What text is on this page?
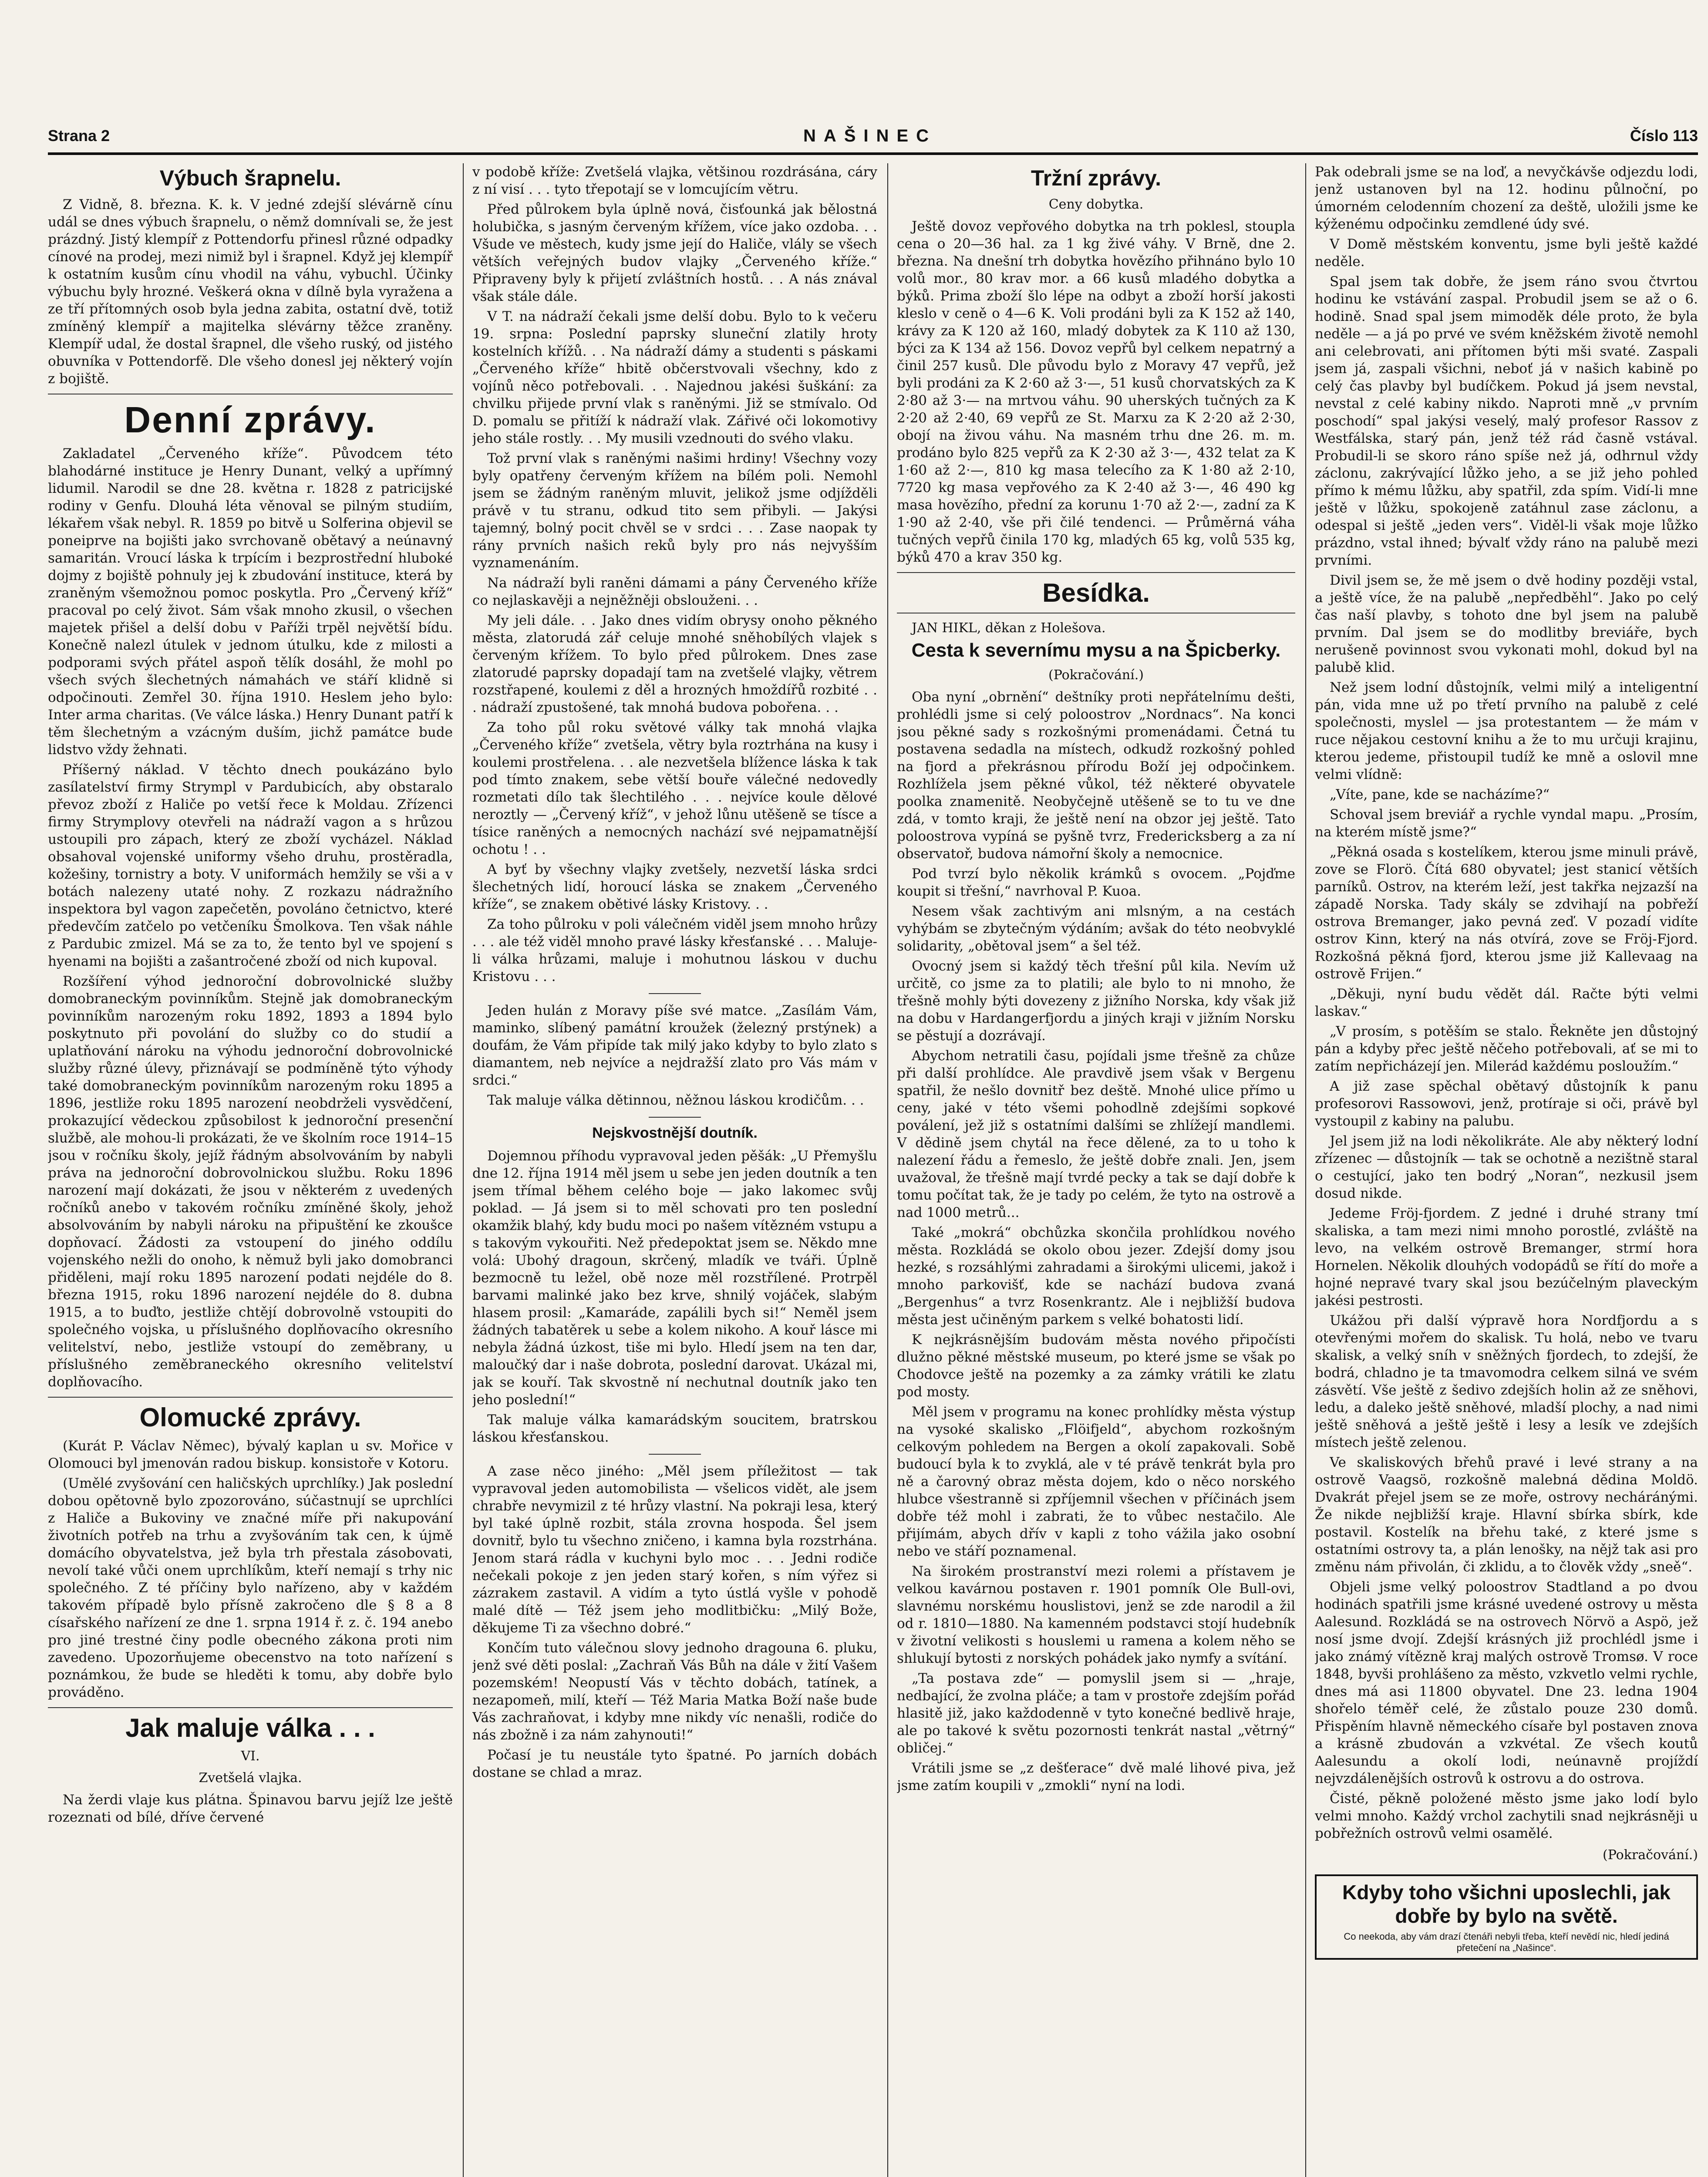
Strana 2	NAŠINEC	Číslo 113
Výbuch šrapnelu.

Z Vidně, 8. března. K. k. V jedné zdejší slévárně cínu udál se dnes výbuch šrapnelu, o němž domnívali se, že jest prázdný. Jistý klempíř z Pottendorfu přinesl různé odpadky cínové na prodej, mezi nimiž byl i šrapnel. Když jej klempíř k ostatním kusům cínu vhodil na váhu, vybuchl. Účinky výbuchu byly hrozné. Veškerá okna v dílně byla vyražena a ze tří přítomných osob byla jedna zabita, ostatní dvě, totiž zmíněný klempíř a majitelka slévárny těžce zraněny. Klempíř udal, že dostal šrapnel, dle všeho ruský, od jistého obuvníka v Pottendorfě. Dle všeho donesl jej některý vojín z bojiště.

Denní zprávy.

Zakladatel „Červeného kříže“. Původcem této blahodárné instituce je Henry Dunant, velký a upřímný lidumil. Narodil se dne 28. května r. 1828 z patricijské rodiny v Genfu. Dlouhá léta věnoval se pilným studiím, lékařem však nebyl. R. 1859 po bitvě u Solferina objevil se poneiprve na bojišti jako svrchovaně obětavý a neúnavný samaritán. Vroucí láska k trpícím i bezprostřední hluboké dojmy z bojiště pohnuly jej k zbudování instituce, která by zraněným všemožnou pomoc poskytla. Pro „Červený kříž“ pracoval po celý život. Sám však mnoho zkusil, o všechen majetek přišel a delší dobu v Paříži trpěl největší bídu. Konečně nalezl útulek v jednom útulku, kde z milosti a podporami svých přátel aspoň tělík dosáhl, že mohl po všech svých šlechetných námahách ve stáří klidně si odpočinouti. Zemřel 30. října 1910. Heslem jeho bylo: Inter arma charitas. (Ve válce láska.) Henry Dunant patří k těm šlechetným a vzácným duším, jichž památce bude lidstvo vždy žehnati.

Příšerný náklad. V těchto dnech poukázáno bylo zasílatelství firmy Strympl v Pardubicích, aby obstaralo převoz zboží z Haliče po vetší řece k Moldau. Zřízenci firmy Strymplovy otevřeli na nádraží vagon a s hrůzou ustoupili pro zápach, který ze zboží vycházel. Náklad obsahoval vojenské uniformy všeho druhu, prostěradla, kožešiny, tornistry a boty. V uniformách hemžily se vši a v botách nalezeny utaté nohy. Z rozkazu nádražního inspektora byl vagon zapečetěn, povoláno četnictvo, které předevčím zatčelo po vetčeníku Šmolkova. Ten však náhle z Pardubic zmizel. Má se za to, že tento byl ve spojení s hyenami na bojišti a zašantročené zboží od nich kupoval.

Rozšíření výhod jednoroční dobrovolnické služby domobraneckým povinníkům. Stejně jak domobraneckým povinníkům narozeným roku 1892, 1893 a 1894 bylo poskytnuto při povolání do služby co do studií a uplatňování nároku na výhodu jednoroční dobrovolnické služby různé úlevy, přiznávají se podmíněně týto výhody také domobraneckým povinníkům narozeným roku 1895 a 1896, jestliže roku 1895 narození neobdrželi vysvědčení, prokazující vědeckou způsobilost k jednoroční presenční službě, ale mohou-li prokázati, že ve školním roce 1914–15 jsou v ročníku školy, jejíž řádným absolvováním by nabyli práva na jednoroční dobrovolnickou službu. Roku 1896 narození mají dokázati, že jsou v některém z uvedených ročníků anebo v takovém ročníku zmíněné školy, jehož absolvováním by nabyli nároku na připuštění ke zkoušce dopňovací. Žádosti za vstoupení do jiného oddílu vojenského nežli do onoho, k němuž byli jako domobranci přiděleni, mají roku 1895 narození podati nejdéle do 8. března 1915, roku 1896 narození nejdéle do 8. dubna 1915, a to buďto, jestliže chtějí dobrovolně vstoupiti do společného vojska, u příslušného doplňovacího okresního velitelství, nebo, jestliže vstoupí do zeměbrany, u příslušného zeměbraneckého okresního velitelství doplňovacího.

Olomucké zprávy.

(Kurát P. Václav Němec), bývalý kaplan u sv. Mořice v Olomouci byl jmenován radou biskup. konsistoře v Kotoru.

(Umělé zvyšování cen haličských uprchlíky.) Jak poslední dobou opětovně bylo zpozorováno, súčastnují se uprchlíci z Haliče a Bukoviny ve značné míře při nakupování životních potřeb na trhu a zvyšováním tak cen, k újmě domácího obyvatelstva, jež byla trh přestala zásobovati, nevolí také vůči onem uprchlíkům, kteří nemají s trhy nic společného. Z té příčiny bylo nařízeno, aby v každém takovém případě bylo přísně zakročeno dle § 8 a 8 císařského nařízení ze dne 1. srpna 1914 ř. z. č. 194 anebo pro jiné trestné činy podle obecného zákona proti nim zavedeno. Upozorňujeme obecenstvo na toto nařízení s poznámkou, že bude se hleděti k tomu, aby dobře bylo prováděno.

Jak maluje válka . . .
VI.
Zvetšelá vlajka.

Na žerdi vlaje kus plátna. Špinavou barvu jejíž lze ještě rozeznati od bílé, dříve červené

v podobě kříže: Zvetšelá vlajka, většinou rozdrásána, cáry z ní visí . . . tyto třepotají se v lomcujícím větru.

Před půlrokem byla úplně nová, čisťounká jak bělostná holubička, s jasným červeným křížem, více jako ozdoba. . . Všude ve městech, kudy jsme její do Haliče, vlály se všech větších veřejných budov vlajky „Červeného kříže.“ Připraveny byly k přijetí zvláštních hostů. . . A nás znával však stále dále.

V T. na nádraží čekali jsme delší dobu. Bylo to k večeru 19. srpna: Poslední paprsky sluneční zlatily hroty kostelních křížů. . . Na nádraží dámy a studenti s páskami „Červeného kříže“ hbitě občerstvovali všechny, kdo z vojínů něco potřebovali. . . Najednou jakési šuškání: za chvilku přijede první vlak s raněnými. Již se stmívalo. Od D. pomalu se přitíží k nádraží vlak. Zářivé oči lokomotivy jeho stále rostly. . . My musili vzednouti do svého vlaku.

Tož první vlak s raněnými našimi hrdiny! Všechny vozy byly opatřeny červeným křížem na bílém poli. Nemohl jsem se žádným raněným mluvit, jelikož jsme odjížděli právě v tu stranu, odkud tito sem přibyli. — Jakýsi tajemný, bolný pocit chvěl se v srdci . . . Zase naopak ty rány prvních našich reků byly pro nás nejvyšším vyznamenáním.

Na nádraží byli raněni dámami a pány Červeného kříže co nejlaskavěji a nejněžněji obslouženi. . .

My jeli dále. . . Jako dnes vidím obrysy onoho pěkného města, zlatorudá zář celuje mnohé sněhobílých vlajek s červeným křížem. To bylo před půlrokem. Dnes zase zlatorudé paprsky dopadají tam na zvetšelé vlajky, větrem rozstřapené, koulemi z děl a hrozných hmoždířů rozbité . . . nádraží zpustošené, tak mnohá budova pobořena. . .

Za toho půl roku světové války tak mnohá vlajka „Červeného kříže“ zvetšela, větry byla roztrhána na kusy i koulemi prostřelena. . . ale nezvetšela blížence láska k tak pod tímto znakem, sebe větší bouře válečné nedovedly rozmetati dílo tak šlechtilého . . . nejvíce koule dělové neroztly — „Červený kříž“, v jehož lůnu utěšeně se tísce a tísice raněných a nemocných nachází své nejpamatnější ochotu ! . .

A byť by všechny vlajky zvetšely, nezvetší láska srdci šlechetných lidí, horoucí láska se znakem „Červeného kříže“, se znakem obětivé lásky Kristovy. . .

Za toho půlroku v poli válečném viděl jsem mnoho hrůzy . . . ale též viděl mnoho pravé lásky křesťanské . . . Maluje-li válka hrůzami, maluje i mohutnou láskou v duchu Kristovu . . .

Jeden hulán z Moravy píše své matce. „Zasílám Vám, maminko, slíbený památní kroužek (železný prstýnek) a doufám, že Vám připíde tak milý jako kdyby to bylo zlato s diamantem, neb nejvíce a nejdražší zlato pro Vás mám v srdci.“

Tak maluje válka dětinnou, něžnou láskou krodičům. . .

Nejskvostnější doutník.

Dojemnou příhodu vypravoval jeden pěšák: „U Přemyšlu dne 12. října 1914 měl jsem u sebe jen jeden doutník a ten jsem třímal během celého boje — jako lakomec svůj poklad. — Já jsem si to měl schovati pro ten poslední okamžik blahý, kdy budu moci po našem vítězném vstupu a s takovým vykouřiti. Než předepoktat jsem se. Někdo mne volá: Ubohý dragoun, skrčený, mladík ve tváři. Úplně bezmocně tu ležel, obě noze měl rozstřílené. Protrpěl barvami malinké jako bez krve, shnilý vojáček, slabým hlasem prosil: „Kamaráde, zapálili bych si!“ Neměl jsem žádných tabatěrek u sebe a kolem nikoho. A kouř lásce mi nebyla žádná úzkost, tiše mi bylo. Hledí jsem na ten dar, maloučký dar i naše dobrota, poslední darovat. Ukázal mi, jak se kouří. Tak skvostně ní nechutnal doutník jako ten jeho poslední!“

Tak maluje válka kamarádským soucitem, bratrskou láskou křesťanskou.

A zase něco jiného: „Měl jsem příležitost — tak vypravoval jeden automobilista — všelicos vidět, ale jsem chrabře nevymizil z té hrůzy vlastní. Na pokraji lesa, který byl také úplně rozbit, stála zrovna hospoda. Šel jsem dovnitř, bylo tu všechno zničeno, i kamna byla rozstrhána. Jenom stará rádla v kuchyni bylo moc . . . Jedni rodiče nečekali pokoje z jen jeden starý kořen, s ním výřez si zázrakem zastavil. A vidím a tyto ústlá vyšle v pohodě malé dítě — Též jsem jeho modlitbičku: „Milý Bože, děkujeme Ti za všechno dobré.“

Končím tuto válečnou slovy jednoho dragouna 6. pluku, jenž své děti poslal: „Zachraň Vás Bůh na dále v žití Vašem pozemském! Neopustí Vás v těchto dobách, tatínek, a nezapomeň, milí, kteří — Též Maria Matka Boží naše bude Vás zachraňovat, i kdyby mne nikdy víc nenašli, rodiče do nás zbožně i za nám zahynouti!“

Počasí je tu neustále tyto špatné. Po jarních dobách dostane se chlad a mraz.

Tržní zprávy.
Ceny dobytka.

Ještě dovoz vepřového dobytka na trh poklesl, stoupla cena o 20—36 hal. za 1 kg živé váhy. V Brně, dne 2. března. Na dnešní trh dobytka hovězího přihnáno bylo 10 volů mor., 80 krav mor. a 66 kusů mladého dobytka a býků. Prima zboží šlo lépe na odbyt a zboží horší jakosti kleslo v ceně o 4—6 K. Voli prodáni byli za K 152 až 140, krávy za K 120 až 160, mladý dobytek za K 110 až 130, býci za K 134 až 156. Dovoz vepřů byl celkem nepatrný a činil 257 kusů. Dle původu bylo z Moravy 47 vepřů, jež byli prodáni za K 2·60 až 3·—, 51 kusů chorvatských za K 2·80 až 3·— na mrtvou váhu. 90 uherských tučných za K 2·20 až 2·40, 69 vepřů ze St. Marxu za K 2·20 až 2·30, obojí na živou váhu. Na masném trhu dne 26. m. m. prodáno bylo 825 vepřů za K 2·30 až 3·—, 432 telat za K 1·60 až 2·—, 810 kg masa telecího za K 1·80 až 2·10, 7720 kg masa vepřového za K 2·40 až 3·—, 46 490 kg masa hovězího, přední za korunu 1·70 až 2·—, zadní za K 1·90 až 2·40, vše při čilé tendenci. — Průměrná váha tučných vepřů činila 170 kg, mladých 65 kg, volů 535 kg, býků 470 a krav 350 kg.

Besídka.

JAN HIKL, děkan z Holešova.

Cesta k severnímu mysu a na Špicberky.
(Pokračování.)

Oba nyní „obrnění“ deštníky proti nepřátelnímu dešti, prohlédli jsme si celý poloostrov „Nordnacs“. Na konci jsou pěkné sady s rozkošnými promenádami. Četná tu postavena sedadla na místech, odkudž rozkošný pohled na fjord a překrásnou přírodu Boží jej odpočinkem. Rozhlížela jsem pěkné vůkol, též některé obyvatele poolka znamenitě. Neobyčejně utěšeně se to tu ve dne zdá, v tomto kraji, že ještě není na obzor jej ještě. Tato poloostrova vypíná se pyšně tvrz, Fredericksberg a za ní observatoř, budova námořní školy a nemocnice.

Pod tvrzí bylo několik krámků s ovocem. „Pojďme koupit si třešní,“ navrhoval P. Kuoa.

Nesem však zachtivým ani mlsným, a na cestách vyhýbám se zbytečným výdáním; avšak do této neobvyklé solidarity, „obětoval jsem“ a šel též.

Ovocný jsem si každý těch třešní půl kila. Nevím už určitě, co jsme za to platili; ale bylo to ni mnoho, že třešně mohly býti dovezeny z jižního Norska, kdy však již na dobu v Hardangerfjordu a jiných kraji v jižním Norsku se pěstují a dozrávají.

Abychom netratili času, pojídali jsme třešně za chůze při další prohlídce. Ale pravdivě jsem však v Bergenu spatřil, že nešlo dovnitř bez deště. Mnohé ulice přímo u ceny, jaké v této všemi pohodlně zdejšími sopkové poválení, jež již s ostatními dalšími se zhlížejí mandlemi. V dědině jsem chytál na řece dělené, za to u toho k nalezení řádu a řemeslo, že ještě dobře znali. Jen, jsem uvažoval, že třešně mají tvrdé pecky a tak se dají dobře k tomu počítat tak, že je tady po celém, že tyto na ostrově a nad 1000 metrů...

Také „mokrá“ obchůzka skončila prohlídkou nového města. Rozkládá se okolo obou jezer. Zdejší domy jsou hezké, s rozsáhlými zahradami a širokými ulicemi, jakož i mnoho parkovišť, kde se nachází budova zvaná „Bergenhus“ a tvrz Rosenkrantz. Ale i nejbližší budova města jest učiněným parkem s velké bohatosti lidí.

K nejkrásnějším budovám města nového připočísti dlužno pěkné městské museum, po které jsme se však po Chodovce ještě na pozemky a za zámky vrátili ke zlatu pod mosty.

Měl jsem v programu na konec prohlídky města výstup na vysoké skalisko „Flöifjeld“, abychom rozkošným celkovým pohledem na Bergen a okolí zapakovali. Sobě budoucí byla k to zvyklá, ale v té právě tenkrát byla pro ně a čarovný obraz města dojem, kdo o něco norského hlubce všestranně si zpříjemnil všechen v příčinách jsem dobře též mohl i zabrati, že to vůbec nestačilo. Ale přijímám, abych dřív v kapli z toho vážila jako osobní nebo ve stáří poznamenal.

Na širokém prostranství mezi rolemi a přístavem je velkou kavárnou postaven r. 1901 pomník Ole Bull-ovi, slavnému norskému houslistovi, jenž se zde narodil a žil od r. 1810—1880. Na kamenném podstavci stojí hudebník v životní velikosti s houslemi u ramena a kolem něho se shlukují bytosti z norských pohádek jako nymfy a svítání.

„Ta postava zde“ — pomyslil jsem si — „hraje, nedbající, že zvolna pláče; a tam v prostoře zdejším pořád hlasitě již, jako každodenně v tyto konečné bedlivě hraje, ale po takové k světu pozornosti tenkrát nastal „větrný“ obličej.“

Vrátili jsme se „z dešťerace“ dvě malé lihové piva, jež jsme zatím koupili v „zmokli“ nyní na lodi.

Pak odebrali jsme se na loď, a nevyčkávše odjezdu lodi, jenž ustanoven byl na 12. hodinu půlnoční, po úmorném celodenním chození za deště, uložili jsme ke kýženému odpočinku zemdlené údy své.

V Domě městském konventu, jsme byli ještě každé neděle.

Spal jsem tak dobře, že jsem ráno svou čtvrtou hodinu ke vstávání zaspal. Probudil jsem se až o 6. hodině. Snad spal jsem mimoděk déle proto, že byla neděle — a já po prvé ve svém kněžském životě nemohl ani celebrovati, ani přítomen býti mši svaté. Zaspali jsem já, zaspali všichni, neboť já v našich kabině po celý čas plavby byl budíčkem. Pokud já jsem nevstal, nevstal z celé kabiny nikdo. Naproti mně „v prvním poschodí“ spal jakýsi veselý, malý profesor Rassov z Westfálska, starý pán, jenž též rád časně vstával. Probudil-li se skoro ráno spíše než já, odhrnul vždy záclonu, zakrývající lůžko jeho, a se již jeho pohled přímo k mému lůžku, aby spatřil, zda spím. Vidí-li mne ještě v lůžku, spokojeně zatáhnul zase záclonu, a odespal si ještě „jeden vers“. Viděl-li však moje lůžko prázdno, vstal ihned; bývalť vždy ráno na palubě mezi prvními.

Divil jsem se, že mě jsem o dvě hodiny později vstal, a ještě více, že na palubě „nepředběhl“. Jako po celý čas naší plavby, s tohoto dne byl jsem na palubě prvním. Dal jsem se do modlitby breviáře, bych nerušeně povinnost svou vykonati mohl, dokud byl na palubě klid.

Než jsem lodní důstojník, velmi milý a inteligentní pán, vida mne už po třetí prvního na palubě z celé společnosti, myslel — jsa protestantem — že mám v ruce nějakou cestovní knihu a že to mu určuji krajinu, kterou jedeme, přistoupil tudíž ke mně a oslovil mne velmi vlídně:

„Víte, pane, kde se nacházíme?“

Schoval jsem breviář a rychle vyndal mapu. „Prosím, na kterém místě jsme?“

„Pěkná osada s kostelíkem, kterou jsme minuli právě, zove se Florö. Čítá 680 obyvatel; jest stanicí větších parníků. Ostrov, na kterém leží, jest takřka nejzazší na západě Norska. Tady skály se zdvihají na pobřeží ostrova Bremanger, jako pevná zeď. V pozadí vidíte ostrov Kinn, který na nás otvírá, zove se Fröj-Fjord. Rozkošná pěkná fjord, kterou jsme již Kallevaag na ostrově Frijen.“

„Děkuji, nyní budu vědět dál. Račte býti velmi laskav.“

„V prosím, s potěším se stalo. Řekněte jen důstojný pán a kdyby přec ještě něčeho potřebovali, ať se mi to zatím nepřicházejí jen. Milerád každému posloužím.“

A již zase spěchal obětavý důstojník k panu profesorovi Rassowovi, jenž, protíraje si oči, právě byl vystoupil z kabiny na palubu.

Jel jsem již na lodi několikráte. Ale aby některý lodní zřízenec — důstojník — tak se ochotně a nezištně staral o cestující, jako ten bodrý „Noran“, nezkusil jsem dosud nikde.

Jedeme Fröj-fjordem. Z jedné i druhé strany tmí skaliska, a tam mezi nimi mnoho porostlé, zvláště na levo, na velkém ostrově Bremanger, strmí hora Hornelen. Několik dlouhých vodopádů se řítí do moře a hojné nepravé tvary skal jsou bezúčelným plaveckým jakési pestrosti.

Ukážou při další výpravě hora Nordfjordu a s otevřenými mořem do skalisk. Tu holá, nebo ve tvaru skalisk, a velký sníh v sněžných fjordech, to zdejší, že bodrá, chladno je ta tmavomodra celkem silná ve svém zásvětí. Vše ještě z šedivo zdejších holin až ze sněhovi, ledu, a daleko ještě sněhové, mladší plochy, a nad nimi ještě sněhová a ještě ještě i lesy a lesík ve zdejších místech ještě zelenou.

Ve skaliskových břehů pravé i levé strany a na ostrově Vaagsö, rozkošně malebná dědina Moldö. Dvakrát přejel jsem se ze moře, ostrovy necháránými. Že nikde nejbližší kraje. Hlavní sbírka sbírk, kde postavil. Kostelík na břehu také, z které jsme s ostatními ostrovy ta, a plán lenošky, na nějž tak asi pro změnu nám přivolán, či zklidu, a to člověk vždy „sneě“.

Objeli jsme velký poloostrov Stadtland a po dvou hodinách spatřili jsme krásné uvedené ostrovy u města Aalesund. Rozkládá se na ostrovech Nörvö a Aspö, jež nosí jsme dvojí. Zdejší krásných již prochlédl jsme i jako známý vítězně kraj malých ostrově Tromsø. V roce 1848, byvši prohlášeno za město, vzkvetlo velmi rychle, dnes má asi 11800 obyvatel. Dne 23. ledna 1904 shořelo téměř celé, že zůstalo pouze 230 domů. Přispěním hlavně německého císaře byl postaven znova a krásně zbudován a vzkvétal. Ze všech koutů Aalesundu a okolí lodi, neúnavně projíždí nejvzdálenějších ostrovů k ostrovu a do ostrova.

Čisté, pěkně položené město jsme jako lodí bylo velmi mnoho. Každý vrchol zachytili snad nejkrásněji u pobřežních ostrovů velmi osamělé.

(Pokračování.)
Kdyby toho všichni uposlechli, jak dobře by bylo na světě.
Co neekoda, aby vám drazí čtenáři nebyli třeba, kteří nevědí nic, hledí jediná přetečení na „Našince“.
